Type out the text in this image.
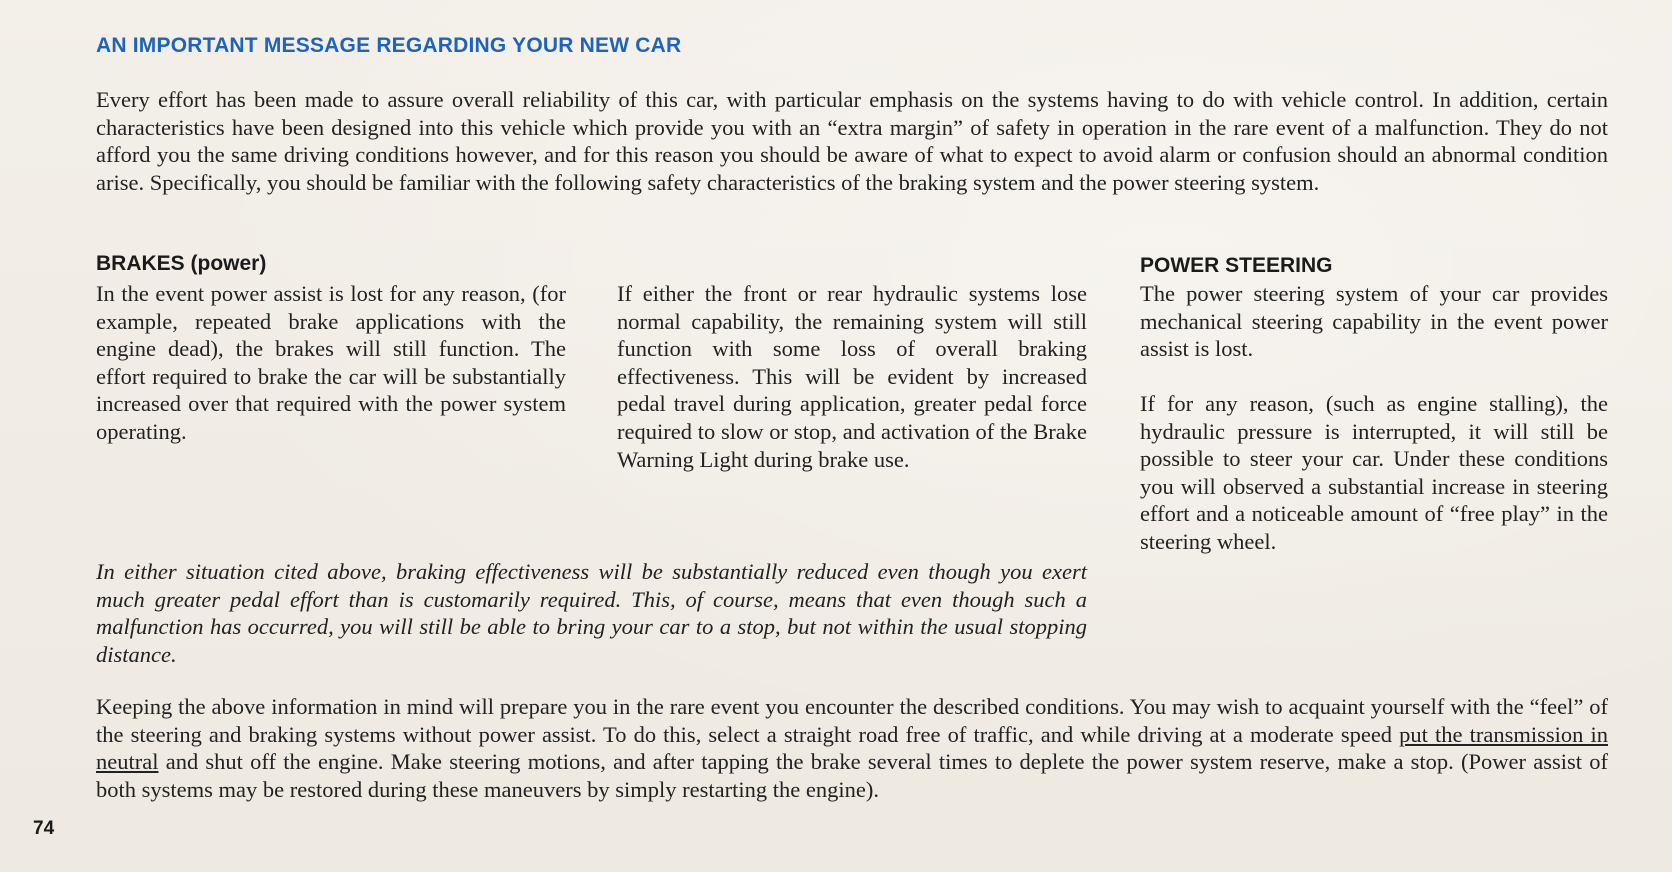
AN IMPORTANT MESSAGE REGARDING YOUR NEW CAR

Every effort has been made to assure overall reliability of this car, with particular emphasis on the systems having to do with vehicle control. In addition, certain characteristics have been designed into this vehicle which provide you with an “extra margin” of safety in operation in the rare event of a malfunction. They do not afford you the same driving conditions however, and for this reason you should be aware of what to expect to avoid alarm or confusion should an abnormal condition arise. Specifically, you should be familiar with the following safety characteristics of the braking system and the power steering system.

BRAKES (power)

In the event power assist is lost for any reason, (for example, repeated brake applications with the engine dead), the brakes will still function. The effort required to brake the car will be substantially increased over that required with the power system operating.

If either the front or rear hydraulic systems lose normal capability, the remaining system will still function with some loss of overall braking effectiveness. This will be evident by increased pedal travel during application, greater pedal force required to slow or stop, and activation of the Brake Warning Light during brake use.

In either situation cited above, braking effectiveness will be substantially reduced even though you exert much greater pedal effort than is customarily required. This, of course, means that even though such a malfunction has occurred, you will still be able to bring your car to a stop, but not within the usual stopping distance.

POWER STEERING

The power steering system of your car provides mechanical steering capability in the event power assist is lost.

If for any reason, (such as engine stalling), the hydraulic pressure is interrupted, it will still be possible to steer your car. Under these conditions you will observed a substantial increase in steering effort and a noticeable amount of “free play” in the steering wheel.

Keeping the above information in mind will prepare you in the rare event you encounter the described conditions. You may wish to acquaint yourself with the “feel” of the steering and braking systems without power assist. To do this, select a straight road free of traffic, and while driving at a moderate speed put the transmission in neutral and shut off the engine. Make steering motions, and after tapping the brake several times to deplete the power system reserve, make a stop. (Power assist of both systems may be restored during these maneuvers by simply restarting the engine).

74
